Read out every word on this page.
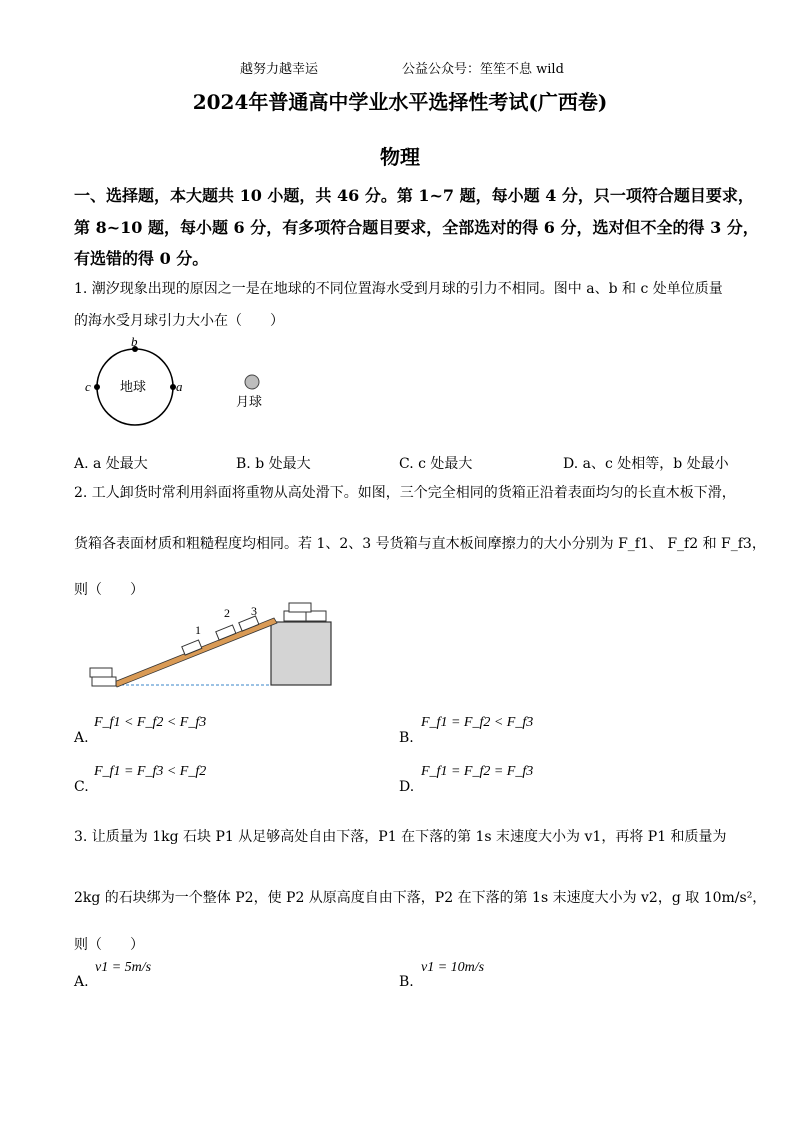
越努力越幸运	公益公众号：笙笙不息 wild
2024年普通高中学业水平选择性考试(广西卷)
物理
一、选择题，本大题共 10 小题，共 46 分。第 1~7 题，每小题 4 分，只一项符合题目要求，
第 8~10 题，每小题 6 分，有多项符合题目要求，全部选对的得 6 分，选对但不全的得 3 分，
有选错的得 0 分。
1. 潮汐现象出现的原因之一是在地球的不同位置海水受到月球的引力不相同。图中 a、b 和 c 处单位质量
的海水受月球引力大小在（　　）
b
c	a
地球
月球
A. a 处最大	B. b 处最大	C. c 处最大	D. a、c 处相等，b 处最小
2. 工人卸货时常利用斜面将重物从高处滑下。如图，三个完全相同的货箱正沿着表面均匀的长直木板下滑，
货箱各表面材质和粗糙程度均相同。若 1、2、3 号货箱与直木板间摩擦力的大小分别为 F_f1、 F_f2 和 F_f3，
则（　　）
1
2 3
A.
F_f1 < F_f2 < F_f3
B.
F_f1 = F_f2 < F_f3
C.
F_f1 = F_f3 < F_f2
D.
F_f1 = F_f2 = F_f3
3. 让质量为 1kg 石块 P1 从足够高处自由下落，P1 在下落的第 1s 末速度大小为 v1，再将 P1 和质量为
2kg 的石块绑为一个整体 P2，使 P2 从原高度自由下落，P2 在下落的第 1s 末速度大小为 v2，g 取 10m/s²，
则（　　）
A.
v1 = 5m/s
B.
v1 = 10m/s
